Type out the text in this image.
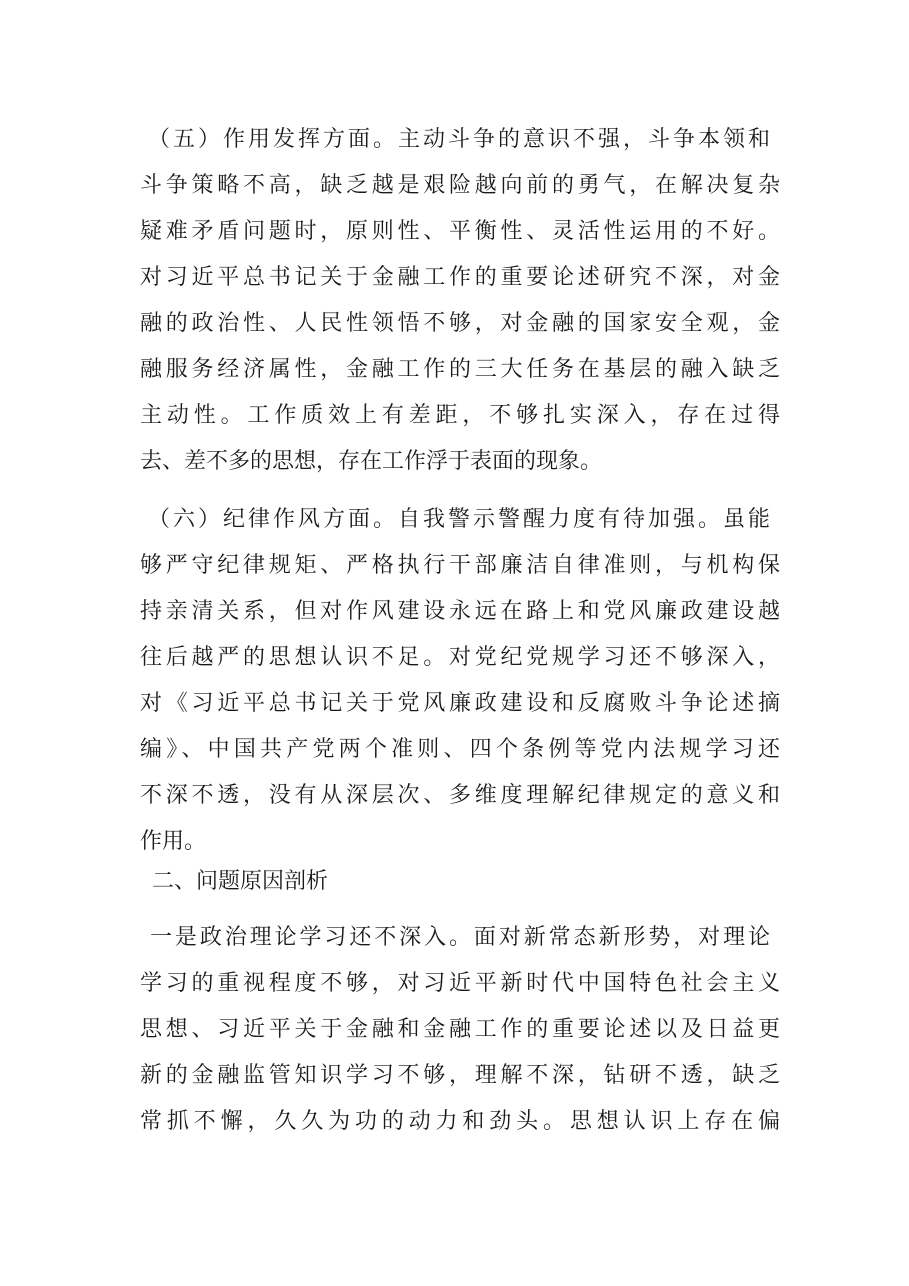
（五）作用发挥方面。主动斗争的意识不强，斗争本领和
斗争策略不高，缺乏越是艰险越向前的勇气，在解决复杂
疑难矛盾问题时，原则性、平衡性、灵活性运用的不好。
对习近平总书记关于金融工作的重要论述研究不深，对金
融的政治性、人民性领悟不够，对金融的国家安全观，金
融服务经济属性，金融工作的三大任务在基层的融入缺乏
主动性。工作质效上有差距，不够扎实深入，存在过得
去、差不多的思想，存在工作浮于表面的现象。
（六）纪律作风方面。自我警示警醒力度有待加强。虽能
够严守纪律规矩、严格执行干部廉洁自律准则，与机构保
持亲清关系，但对作风建设永远在路上和党风廉政建设越
往后越严的思想认识不足。对党纪党规学习还不够深入，
对《习近平总书记关于党风廉政建设和反腐败斗争论述摘
编》、中国共产党两个准则、四个条例等党内法规学习还
不深不透，没有从深层次、多维度理解纪律规定的意义和
作用。
二、问题原因剖析
一是政治理论学习还不深入。面对新常态新形势，对理论
学习的重视程度不够，对习近平新时代中国特色社会主义
思想、习近平关于金融和金融工作的重要论述以及日益更
新的金融监管知识学习不够，理解不深，钻研不透，缺乏
常抓不懈，久久为功的动力和劲头。思想认识上存在偏
